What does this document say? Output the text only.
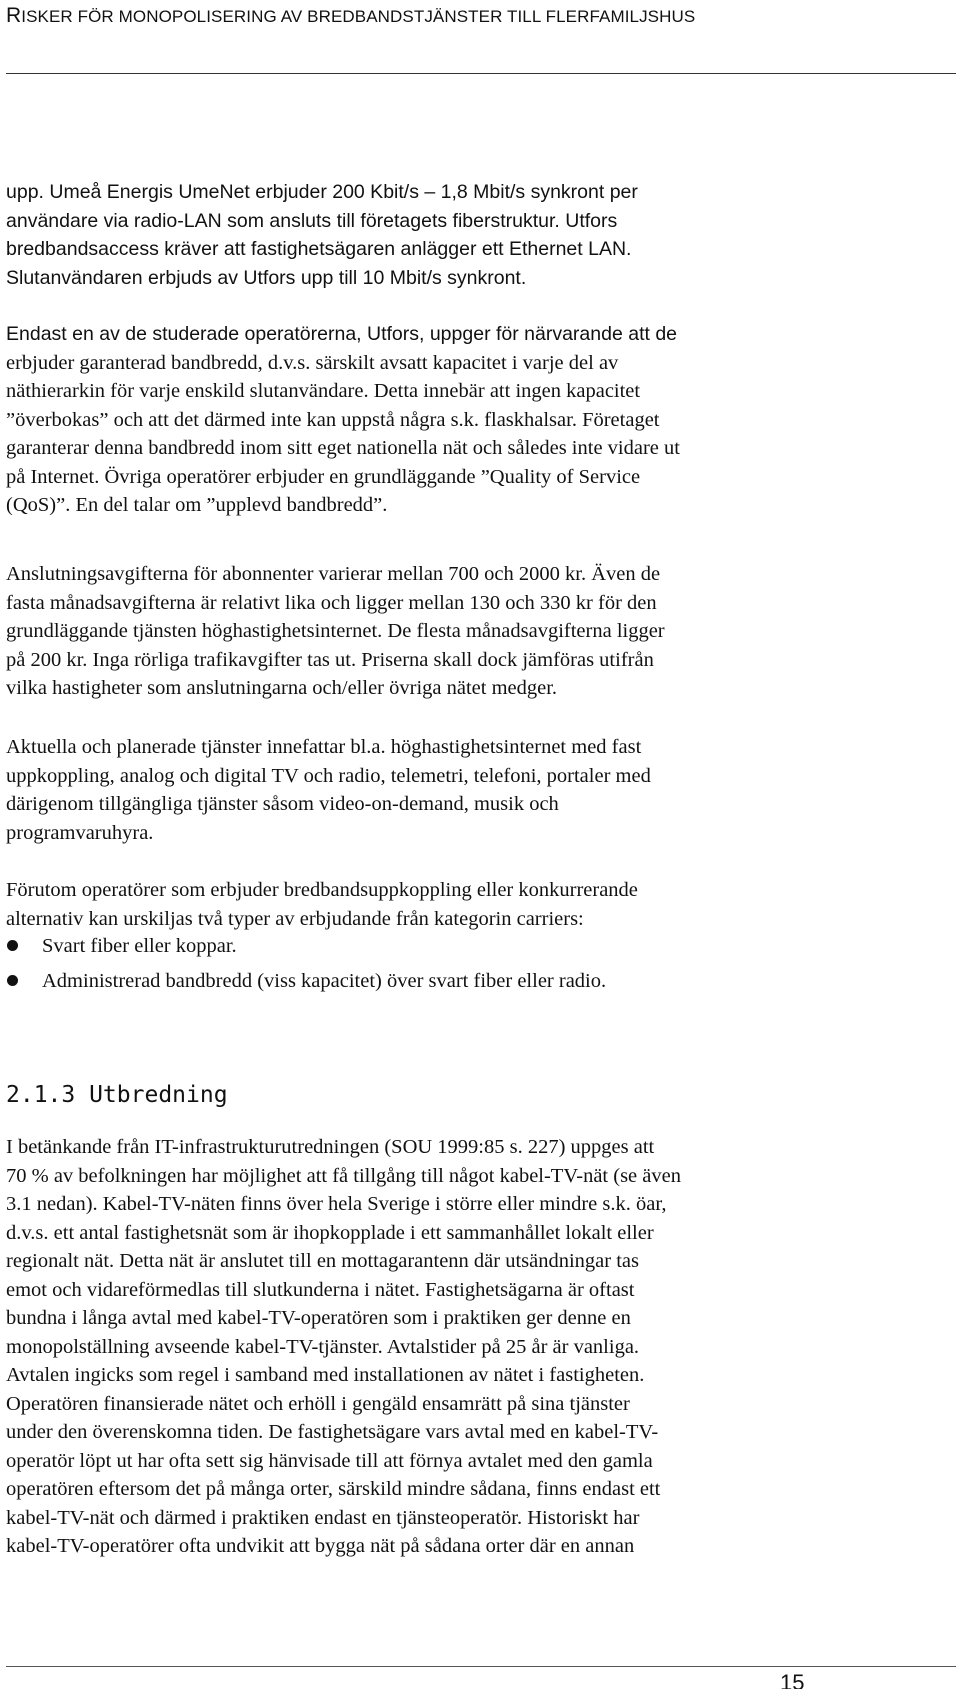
RISKER FÖR MONOPOLISERING AV BREDBANDSTJÄNSTER TILL FLERFAMILJSHUS
upp. Umeå Energis UmeNet erbjuder 200 Kbit/s – 1,8 Mbit/s synkront per
användare via radio-LAN som ansluts till företagets fiberstruktur. Utfors
bredbandsaccess kräver att fastighetsägaren anlägger ett Ethernet LAN.
Slutanvändaren erbjuds av Utfors upp till 10 Mbit/s synkront.
Endast en av de studerade operatörerna, Utfors, uppger för närvarande att de
erbjuder garanterad bandbredd, d.v.s. särskilt avsatt kapacitet i varje del av
näthierarkin för varje enskild slutanvändare. Detta innebär att ingen kapacitet
”överbokas” och att det därmed inte kan uppstå några s.k. flaskhalsar. Företaget
garanterar denna bandbredd inom sitt eget nationella nät och således inte vidare ut
på Internet. Övriga operatörer erbjuder en grundläggande ”Quality of Service
(QoS)”. En del talar om ”upplevd bandbredd”.
Anslutningsavgifterna för abonnenter varierar mellan 700 och 2000 kr. Även de
fasta månadsavgifterna är relativt lika och ligger mellan 130 och 330 kr för den
grundläggande tjänsten höghastighetsinternet. De flesta månadsavgifterna ligger
på 200 kr. Inga rörliga trafikavgifter tas ut. Priserna skall dock jämföras utifrån
vilka hastigheter som anslutningarna och/eller övriga nätet medger.
Aktuella och planerade tjänster innefattar bl.a. höghastighetsinternet med fast
uppkoppling, analog och digital TV och radio, telemetri, telefoni, portaler med
därigenom tillgängliga tjänster såsom video-on-demand, musik och
programvaruhyra.
Förutom operatörer som erbjuder bredbandsuppkoppling eller konkurrerande
alternativ kan urskiljas två typer av erbjudande från kategorin carriers:
Svart fiber eller koppar.
Administrerad bandbredd (viss kapacitet) över svart fiber eller radio.
2.1.3 Utbredning
I betänkande från IT-infrastrukturutredningen (SOU 1999:85 s. 227) uppges att
70 % av befolkningen har möjlighet att få tillgång till något kabel-TV-nät (se även
3.1 nedan). Kabel-TV-näten finns över hela Sverige i större eller mindre s.k. öar,
d.v.s. ett antal fastighetsnät som är ihopkopplade i ett sammanhållet lokalt eller
regionalt nät. Detta nät är anslutet till en mottagarantenn där utsändningar tas
emot och vidareförmedlas till slutkunderna i nätet. Fastighetsägarna är oftast
bundna i långa avtal med kabel-TV-operatören som i praktiken ger denne en
monopolställning avseende kabel-TV-tjänster. Avtalstider på 25 år är vanliga.
Avtalen ingicks som regel i samband med installationen av nätet i fastigheten.
Operatören finansierade nätet och erhöll i gengäld ensamrätt på sina tjänster
under den överenskomna tiden. De fastighetsägare vars avtal med en kabel-TV-
operatör löpt ut har ofta sett sig hänvisade till att förnya avtalet med den gamla
operatören eftersom det på många orter, särskild mindre sådana, finns endast ett
kabel-TV-nät och därmed i praktiken endast en tjänsteoperatör. Historiskt har
kabel-TV-operatörer ofta undvikit att bygga nät på sådana orter där en annan
15
